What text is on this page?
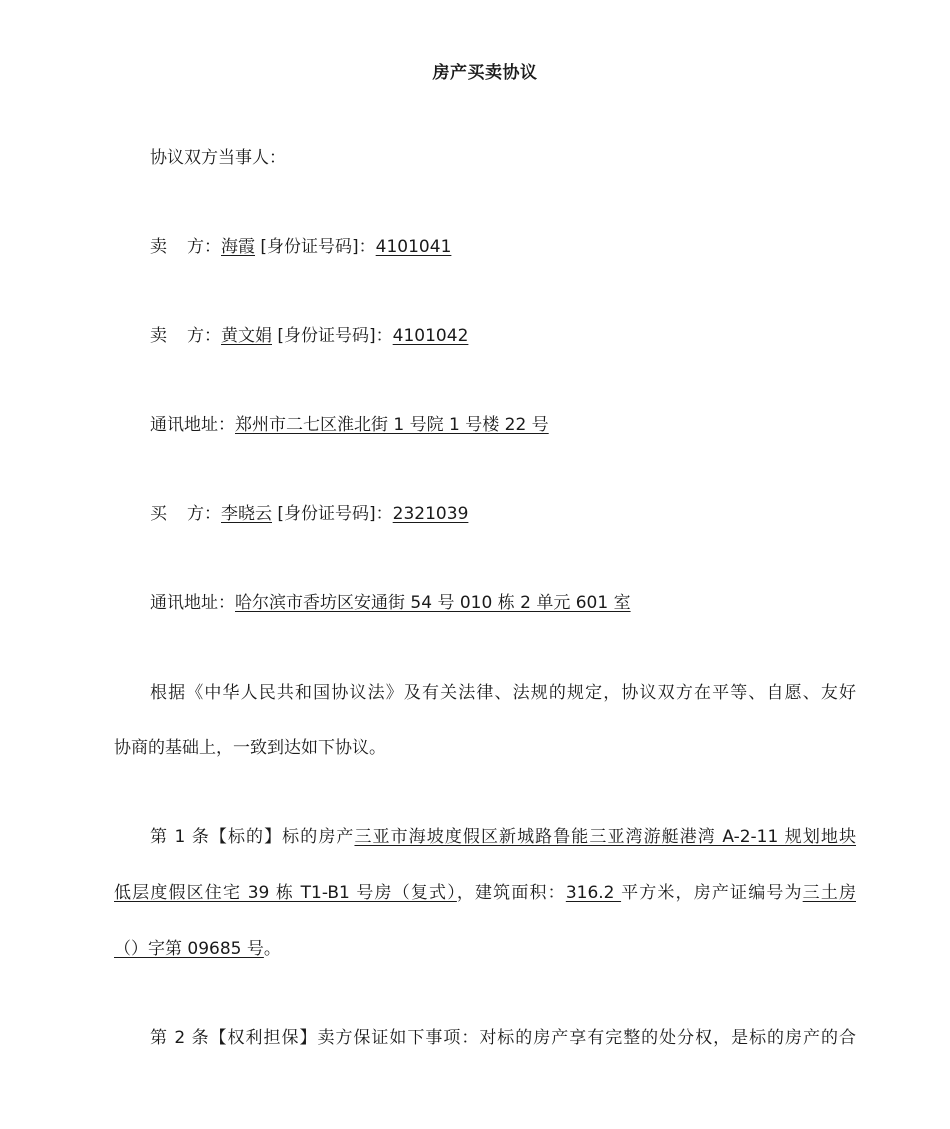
房产买卖协议
协议双方当事人：
卖 方：海霞 [身份证号码]：4101041
卖 方：黄文娟 [身份证号码]：4101042
通讯地址：郑州市二七区淮北街 1 号院 1 号楼 22 号
买 方：李晓云 [身份证号码]：2321039
通讯地址：哈尔滨市香坊区安通街 54 号 010 栋 2 单元 601 室
根据《中华人民共和国协议法》及有关法律、法规的规定，协议双方在平等、自愿、友好
协商的基础上，一致到达如下协议。
第 1 条【标的】标的房产三亚市海坡度假区新城路鲁能三亚湾游艇港湾 A-2-11 规划地块
低层度假区住宅 39 栋 T1-B1 号房（复式），建筑面积：316.2 平方米，房产证编号为三土房
（）字第 09685 号。
第 2 条【权利担保】卖方保证如下事项：对标的房产享有完整的处分权，是标的房产的合
